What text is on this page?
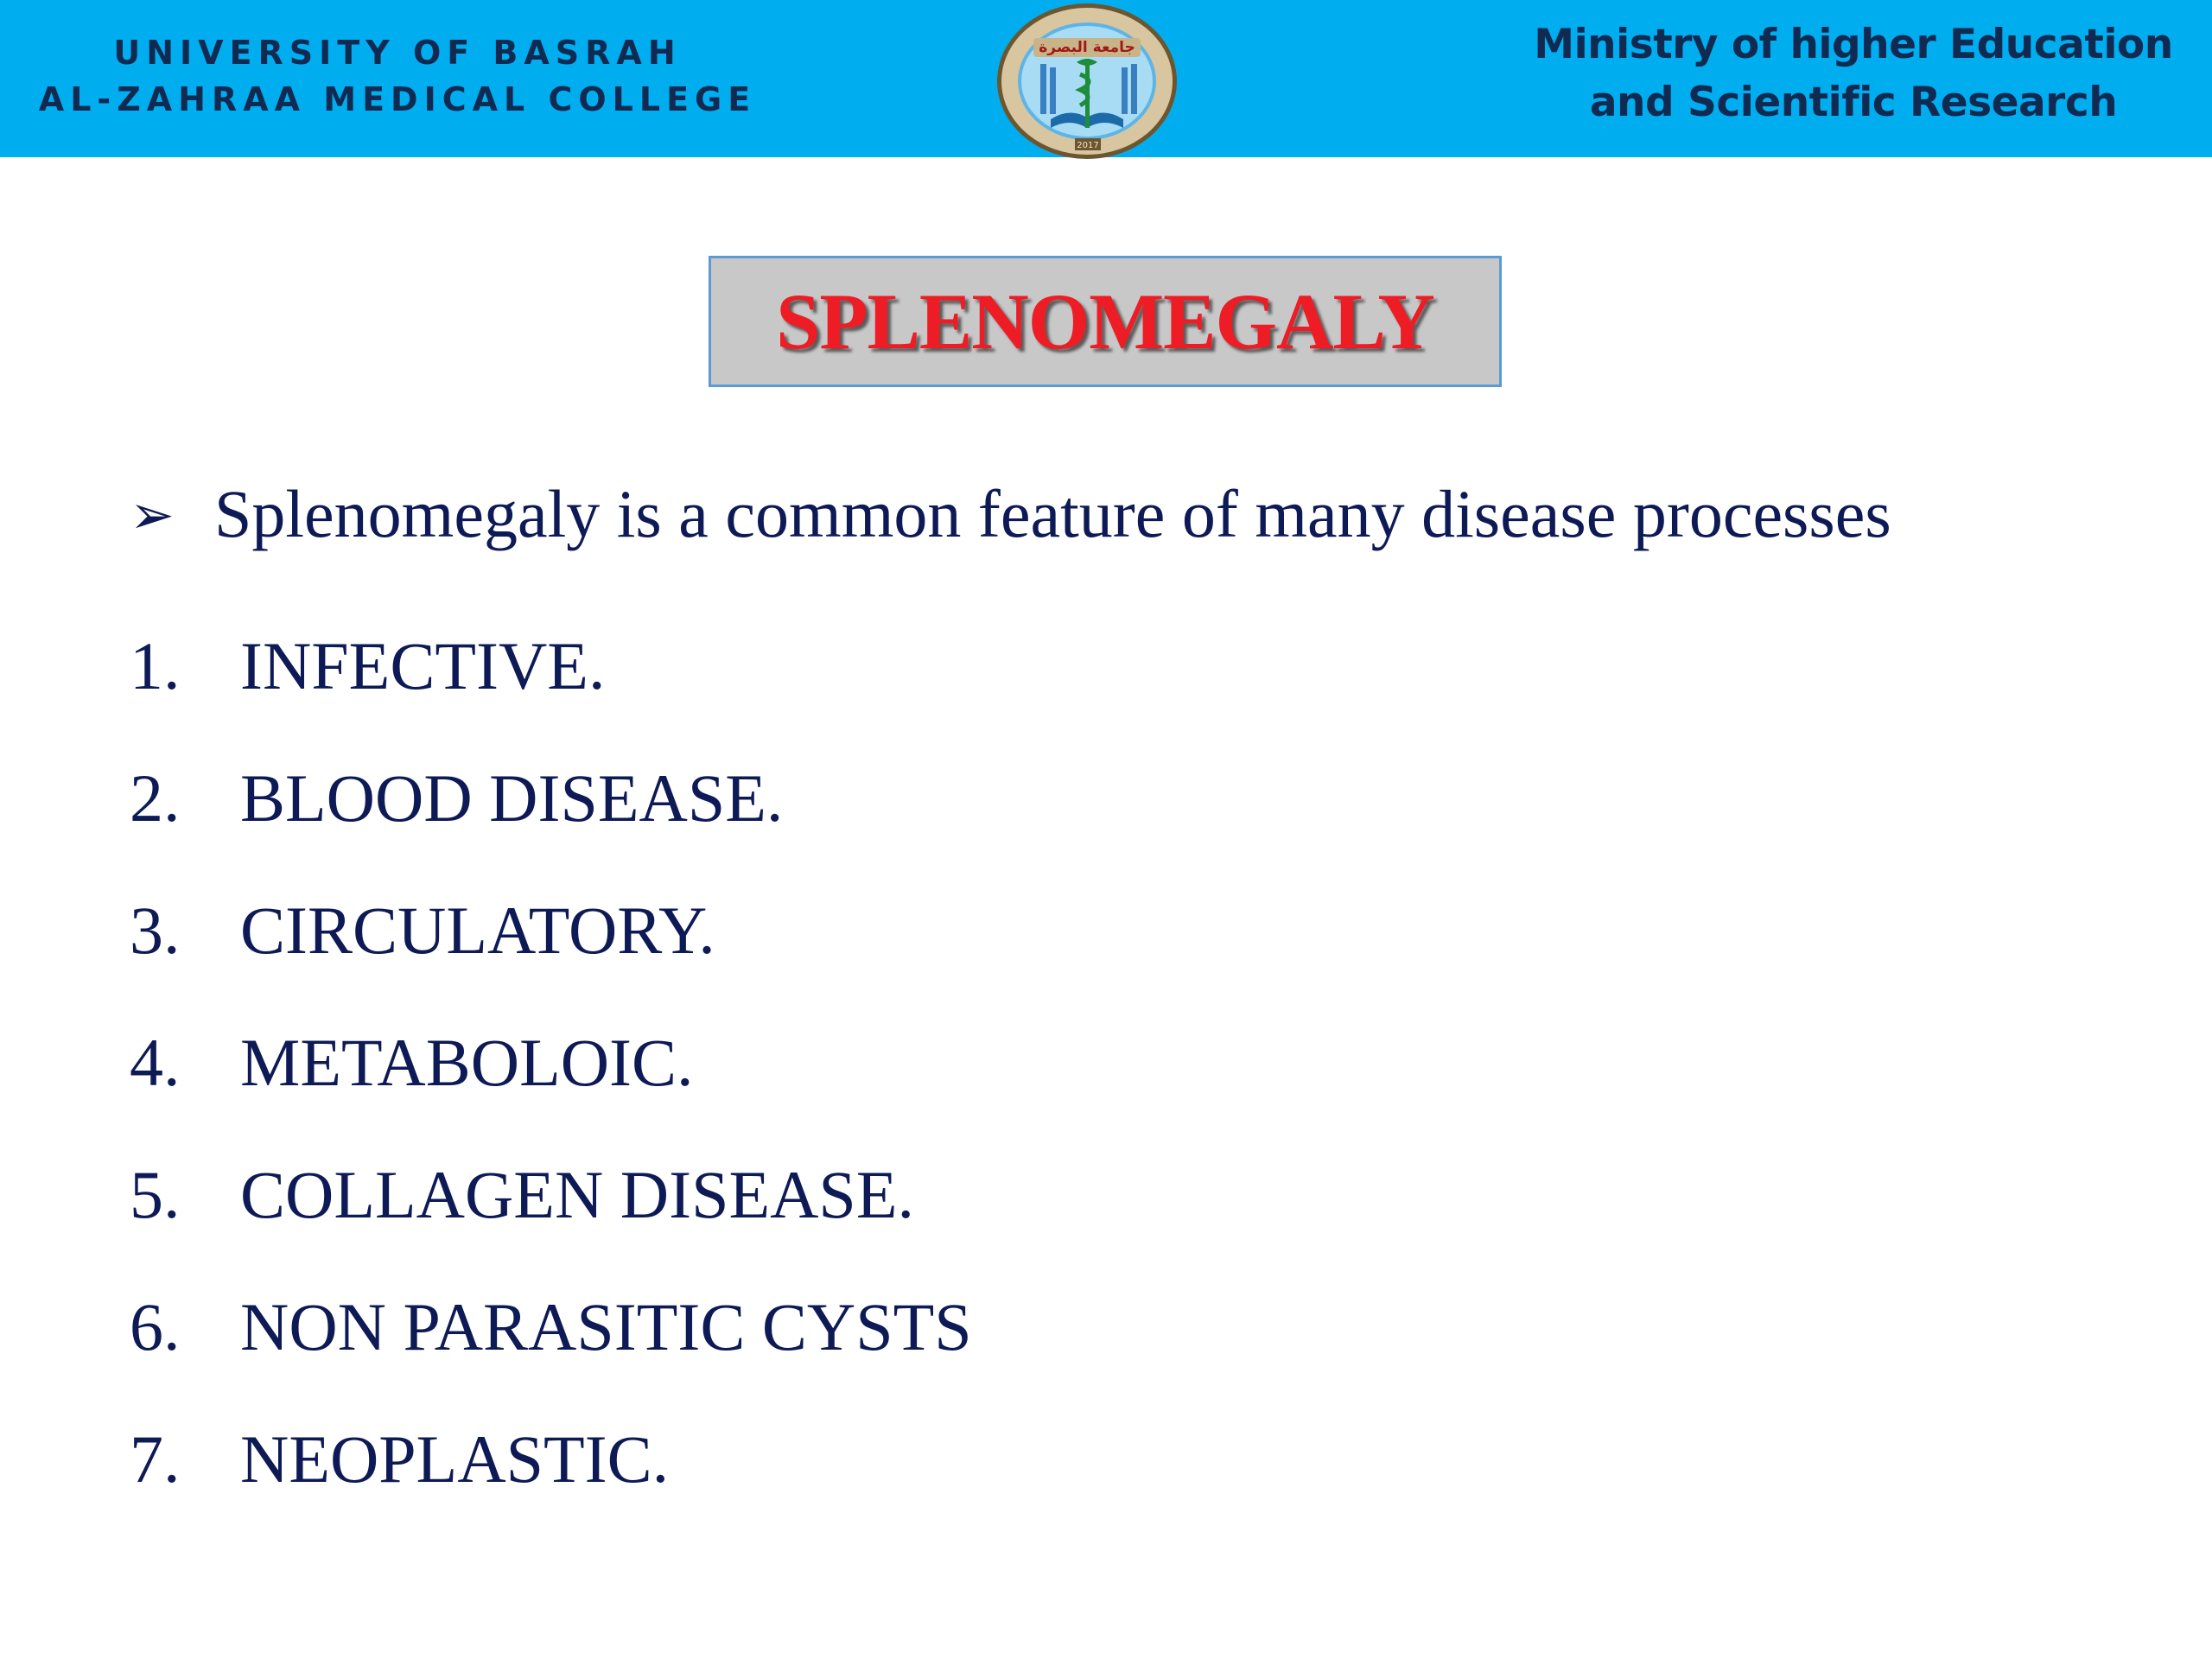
UNIVERSITY OF BASRAH
AL-ZAHRAA MEDICAL COLLEGE
جامعة البصرة
2017
Ministry of higher Education
and Scientific Research
SPLENOMEGALY
➢ Splenomegaly is a common feature of many disease processes
1. INFECTIVE.
2. BLOOD DISEASE.
3. CIRCULATORY.
4. METABOLOIC.
5. COLLAGEN DISEASE.
6. NON PARASITIC CYSTS
7. NEOPLASTIC.
